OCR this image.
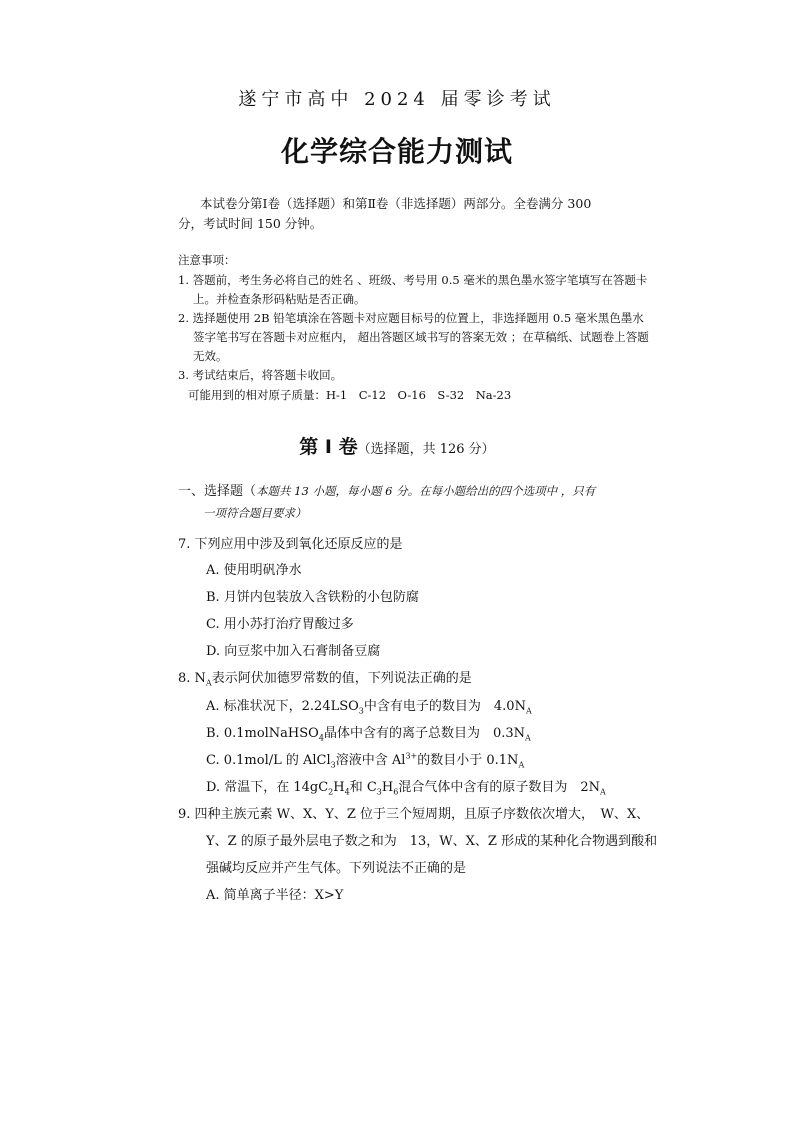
遂宁市高中 2024 届零诊考试
化学综合能力测试
本试卷分第Ⅰ卷（选择题）和第Ⅱ卷（非选择题）两部分。全卷满分 300
分，考试时间 150 分钟。
注意事项：
1. 答题前，考生务必将自己的姓名 、班级、考号用 0.5 毫米的黑色墨水签字笔填写在答题卡
上。并检查条形码粘贴是否正确。
2. 选择题使用 2B 铅笔填涂在答题卡对应题目标号的位置上，非选择题用 0.5 毫米黑色墨水
签字笔书写在答题卡对应框内， 超出答题区域书写的答案无效 ；在草稿纸、试题卷上答题
无效。
3. 考试结束后，将答题卡收回。
可能用到的相对原子质量：H-1　C-12　O-16　S-32　Na-23
第 I 卷（选择题，共 126 分）
一、选择题（本题共 13 小题，每小题 6 分。在每小题给出的四个选项中 ，只有
一项符合题目要求）
7. 下列应用中涉及到氧化还原反应的是
A. 使用明矾净水
B. 月饼内包装放入含铁粉的小包防腐
C. 用小苏打治疗胃酸过多
D. 向豆浆中加入石膏制备豆腐
8. $N_A$表示阿伏加德罗常数的值，下列说法正确的是
A. 标准状况下，$2.24LSO_3$中含有电子的数目为　$4.0N_A$
B. 0.1molNaHSO$_4$晶体中含有的离子总数目为　$0.3N_A$
C. 0.1mol/L 的 AlCl$_3$溶液中含 $Al^{3+}$的数目小于 $0.1N_A$
D. 常温下，在 $14gC_2H_4$和 $C_3H_6$混合气体中含有的原子数目为　$2N_A$
9. 四种主族元素 W、X、Y、Z 位于三个短周期，且原子序数依次增大，　W、X、
Y、Z 的原子最外层电子数之和为　13，W、X、Z 形成的某种化合物遇到酸和
强碱均反应并产生气体。下列说法不正确的是
A. 简单离子半径：X>Y
